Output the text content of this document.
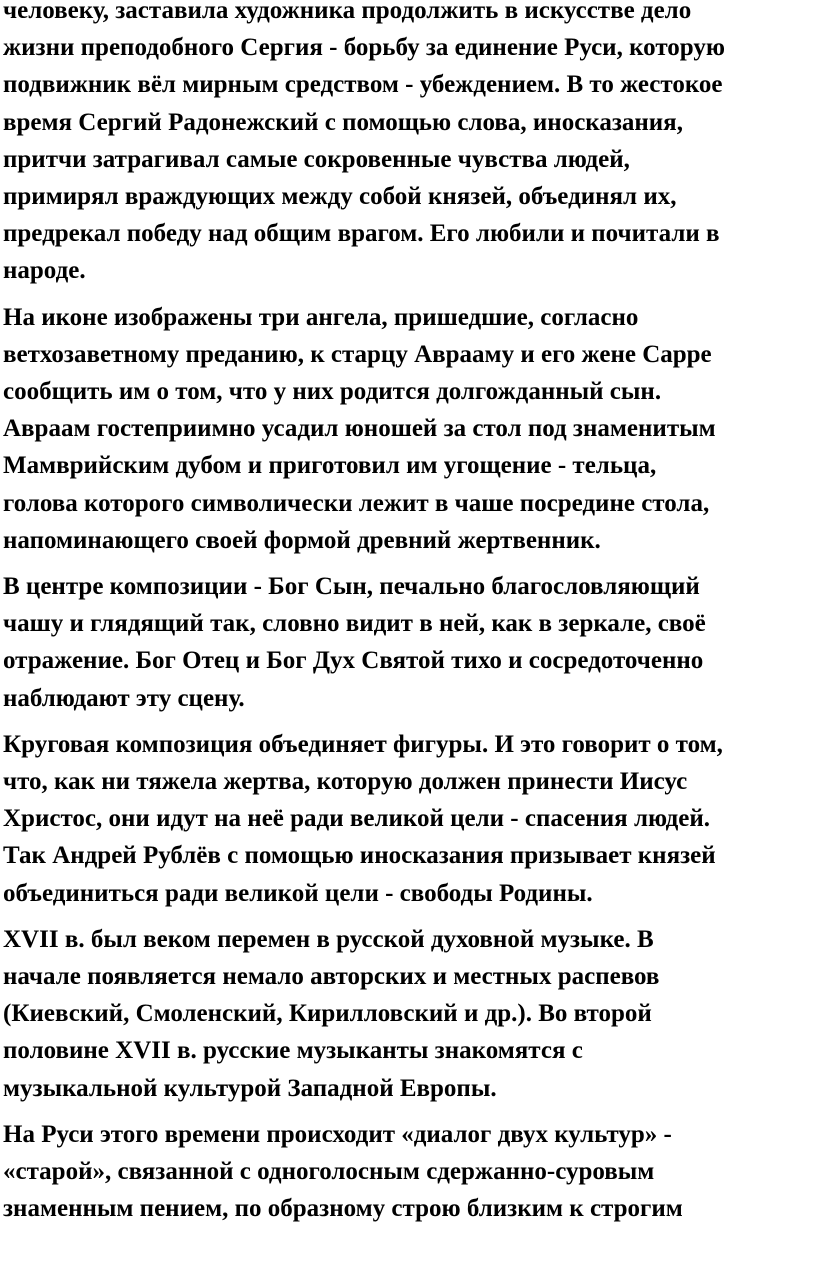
человеку, заставила художника продолжить в искусстве дело
жизни преподобного Сергия - борьбу за единение Руси, которую
подвижник вёл мирным средством - убеждением. В то жестокое
время Сергий Радонежский с помощью слова, иносказания,
притчи затрагивал самые сокровенные чувства людей,
примирял враждующих между собой князей, объединял их,
предрекал победу над общим врагом. Его любили и почитали в
народе.
На иконе изображены три ангела, пришедшие, согласно
ветхозаветному преданию, к старцу Аврааму и его жене Сарре
сообщить им о том, что у них родится долгожданный сын.
Авраам гостеприимно усадил юношей за стол под знаменитым
Мамврийским дубом и приготовил им угощение - тельца,
голова которого символически лежит в чаше посредине стола,
напоминающего своей формой древний жертвенник.
В центре композиции - Бог Сын, печально благословляющий
чашу и глядящий так, словно видит в ней, как в зеркале, своё
отражение. Бог Отец и Бог Дух Святой тихо и сосредоточенно
наблюдают эту сцену.
Круговая композиция объединяет фигуры. И это говорит о том,
что, как ни тяжела жертва, которую должен принести Иисус
Христос, они идут на неё ради великой цели - спасения людей.
Так Андрей Рублёв с помощью иносказания призывает князей
объединиться ради великой цели - свободы Родины.
XVII в. был веком перемен в русской духовной музыке. В
начале появляется немало авторских и местных распевов
(Киевский, Смоленский, Кирилловский и др.). Во второй
половине XVII в. русские музыканты знакомятся с
музыкальной культурой Западной Европы.
На Руси этого времени происходит «диалог двух культур» -
«старой», связанной с одноголосным сдержанно-суровым
знаменным пением, по образному строю близким к строгим
